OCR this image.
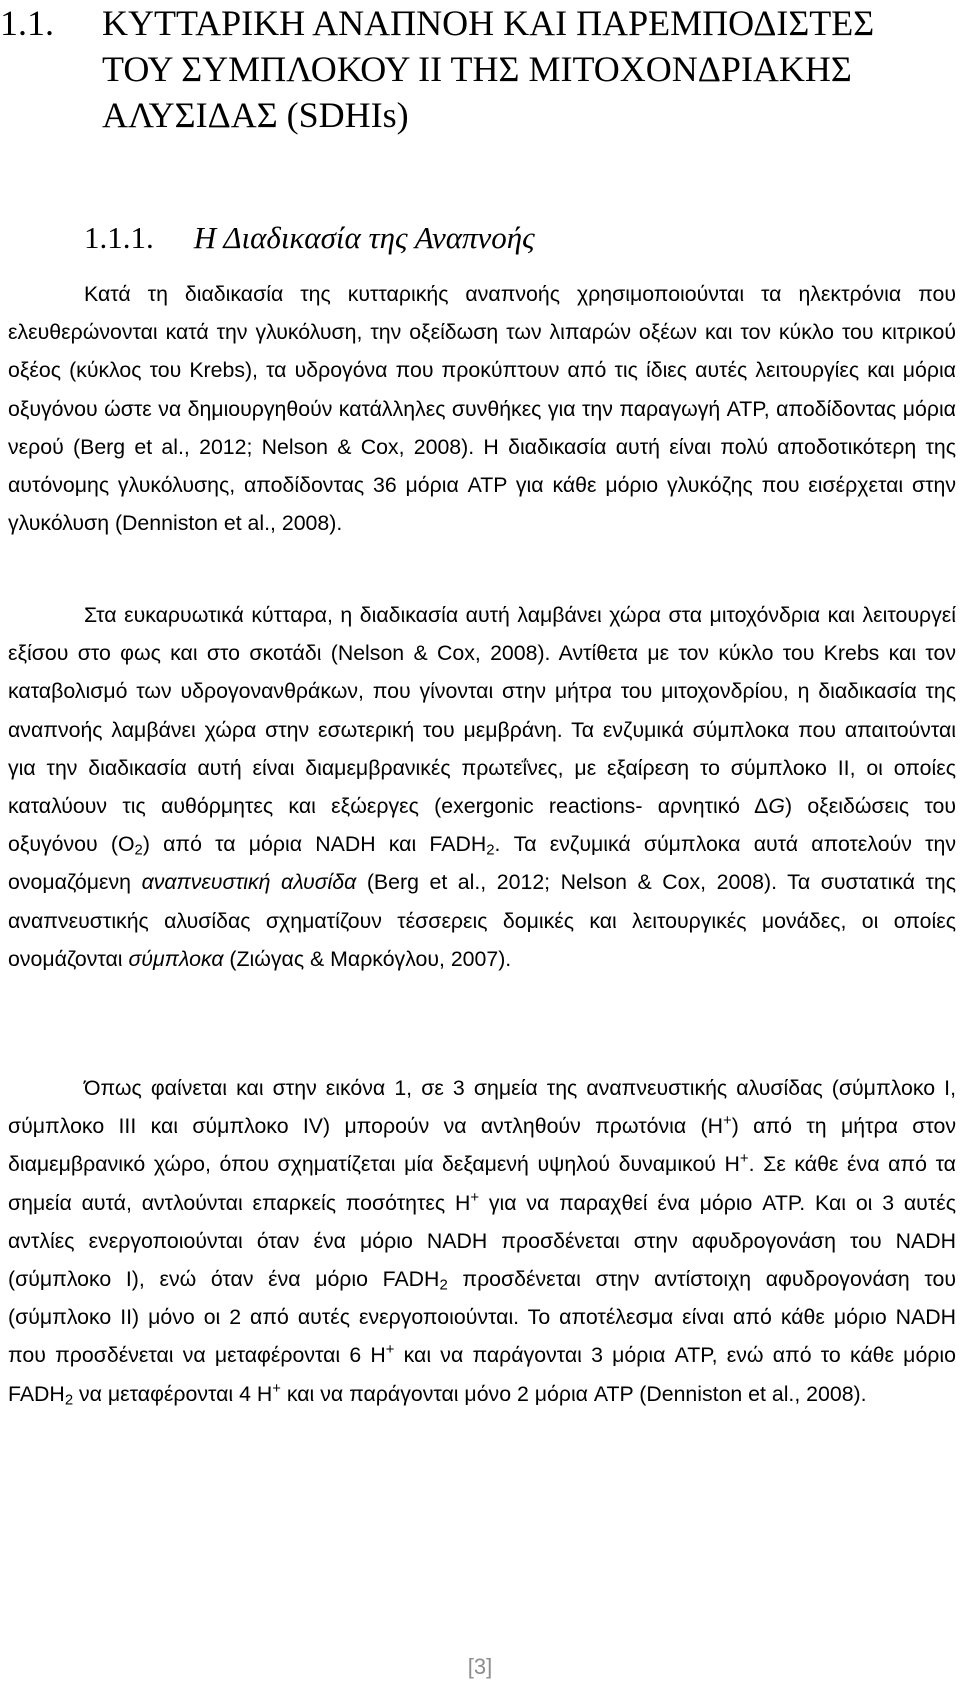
1.1. ΚΥΤΤΑΡΙΚΗ ΑΝΑΠΝΟΗ ΚΑΙ ΠΑΡΕΜΠΟΔΙΣΤΕΣ ΤΟΥ ΣΥΜΠΛΟΚΟΥ ΙΙ ΤΗΣ ΜΙΤΟΧΟΝΔΡΙΑΚΗΣ ΑΛΥΣΙΔΑΣ (SDHIs)
1.1.1. Η Διαδικασία της Αναπνοής

Κατά τη διαδικασία της κυτταρικής αναπνοής χρησιμοποιούνται τα ηλεκτρόνια που ελευθερώνονται κατά την γλυκόλυση, την οξείδωση των λιπαρών οξέων και τον κύκλο του κιτρικού οξέος (κύκλος του Krebs), τα υδρογόνα που προκύπτουν από τις ίδιες αυτές λειτουργίες και μόρια οξυγόνου ώστε να δημιουργηθούν κατάλληλες συνθήκες για την παραγωγή ATP, αποδίδοντας μόρια νερού (Berg et al., 2012; Nelson & Cox, 2008). Η διαδικασία αυτή είναι πολύ αποδοτικότερη της αυτόνομης γλυκόλυσης, αποδίδοντας 36 μόρια ATP για κάθε μόριο γλυκόζης που εισέρχεται στην γλυκόλυση (Denniston et al., 2008).

Στα ευκαρυωτικά κύτταρα, η διαδικασία αυτή λαμβάνει χώρα στα μιτοχόνδρια και λειτουργεί εξίσου στο φως και στο σκοτάδι (Nelson & Cox, 2008). Αντίθετα με τον κύκλο του Krebs και τον καταβολισμό των υδρογονανθράκων, που γίνονται στην μήτρα του μιτοχονδρίου, η διαδικασία της αναπνοής λαμβάνει χώρα στην εσωτερική του μεμβράνη. Τα ενζυμικά σύμπλοκα που απαιτούνται για την διαδικασία αυτή είναι διαμεμβρανικές πρωτεΐνες, με εξαίρεση το σύμπλοκο ΙΙ, οι οποίες καταλύουν τις αυθόρμητες και εξώεργες (exergonic reactions- αρνητικό ΔG) οξειδώσεις του οξυγόνου $(O_2)$ από τα μόρια NADH και $FADH_2$. Τα ενζυμικά σύμπλοκα αυτά αποτελούν την ονομαζόμενη αναπνευστική αλυσίδα (Berg et al., 2012; Nelson & Cox, 2008). Τα συστατικά της αναπνευστικής αλυσίδας σχηματίζουν τέσσερεις δομικές και λειτουργικές μονάδες, οι οποίες ονομάζονται σύμπλοκα (Ζιώγας & Μαρκόγλου, 2007).

Όπως φαίνεται και στην εικόνα 1, σε 3 σημεία της αναπνευστικής αλυσίδας (σύμπλοκο Ι, σύμπλοκο ΙΙΙ και σύμπλοκο ΙV) μπορούν να αντληθούν πρωτόνια (H+) από τη μήτρα στον διαμεμβρανικό χώρο, όπου σχηματίζεται μία δεξαμενή υψηλού δυναμικού H+. Σε κάθε ένα από τα σημεία αυτά, αντλούνται επαρκείς ποσότητες H+ για να παραχθεί ένα μόριο ATP. Και οι 3 αυτές αντλίες ενεργοποιούνται όταν ένα μόριο NADH προσδένεται στην αφυδρογονάση του NADH (σύμπλοκο Ι), ενώ όταν ένα μόριο $FADH_2$ προσδένεται στην αντίστοιχη αφυδρογονάση του (σύμπλοκο ΙΙ) μόνο οι 2 από αυτές ενεργοποιούνται. Το αποτέλεσμα είναι από κάθε μόριο NADH που προσδένεται να μεταφέρονται 6 H+ και να παράγονται 3 μόρια ATP, ενώ από το κάθε μόριο $FADH_2$ να μεταφέρονται 4 H+ και να παράγονται μόνο 2 μόρια ATP (Denniston et al., 2008).

[3]
